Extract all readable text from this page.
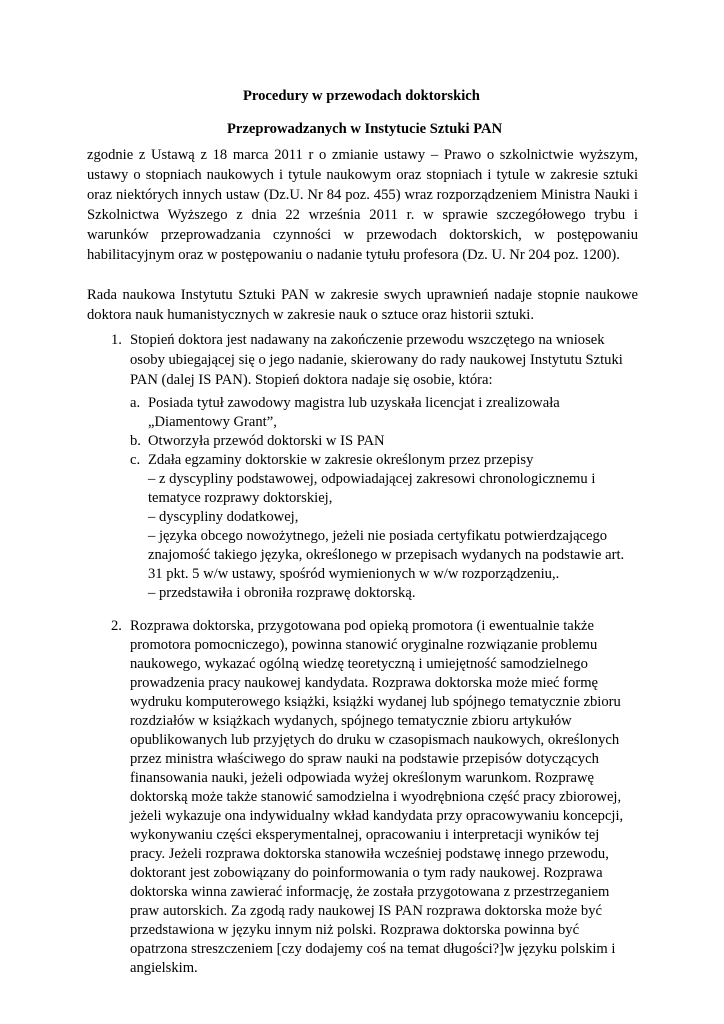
Procedury w przewodach doktorskich
Przeprowadzanych w Instytucie Sztuki PAN
zgodnie z Ustawą z 18 marca 2011 r o zmianie ustawy – Prawo o szkolnictwie wyższym,
ustawy o stopniach naukowych i tytule naukowym oraz stopniach i tytule w zakresie sztuki
oraz niektórych innych ustaw (Dz.U. Nr 84 poz. 455) wraz rozporządzeniem Ministra Nauki i
Szkolnictwa Wyższego z dnia 22 września 2011 r. w sprawie szczegółowego trybu i
warunków przeprowadzania czynności w przewodach doktorskich, w postępowaniu
habilitacyjnym oraz w postępowaniu o nadanie tytułu profesora (Dz. U. Nr 204 poz. 1200).
Rada naukowa Instytutu Sztuki PAN w zakresie swych uprawnień nadaje stopnie naukowe
doktora nauk humanistycznych w zakresie nauk o sztuce oraz historii sztuki.
1. Stopień doktora jest nadawany na zakończenie przewodu wszczętego na wniosek
osoby ubiegającej się o jego nadanie, skierowany do rady naukowej Instytutu Sztuki
PAN (dalej IS PAN). Stopień doktora nadaje się osobie, która:
a. Posiada tytuł zawodowy magistra lub uzyskała licencjat i zrealizowała
„Diamentowy Grant”,
b. Otworzyła przewód doktorski w IS PAN
c. Zdała egzaminy doktorskie w zakresie określonym przez przepisy
– z dyscypliny podstawowej, odpowiadającej zakresowi chronologicznemu i
tematyce rozprawy doktorskiej,
– dyscypliny dodatkowej,
– języka obcego nowożytnego, jeżeli nie posiada certyfikatu potwierdzającego
znajomość takiego języka, określonego w przepisach wydanych na podstawie art.
31 pkt. 5 w/w ustawy, spośród wymienionych w w/w rozporządzeniu,.
– przedstawiła i obroniła rozprawę doktorską.
2. Rozprawa doktorska, przygotowana pod opieką promotora (i ewentualnie także
promotora pomocniczego), powinna stanowić oryginalne rozwiązanie problemu
naukowego, wykazać ogólną wiedzę teoretyczną i umiejętność samodzielnego
prowadzenia pracy naukowej kandydata. Rozprawa doktorska może mieć formę
wydruku komputerowego książki, książki wydanej lub spójnego tematycznie zbioru
rozdziałów w książkach wydanych, spójnego tematycznie zbioru artykułów
opublikowanych lub przyjętych do druku w czasopismach naukowych, określonych
przez ministra właściwego do spraw nauki na podstawie przepisów dotyczących
finansowania nauki, jeżeli odpowiada wyżej określonym warunkom. Rozprawę
doktorską może także stanowić samodzielna i wyodrębniona część pracy zbiorowej,
jeżeli wykazuje ona indywidualny wkład kandydata przy opracowywaniu koncepcji,
wykonywaniu części eksperymentalnej, opracowaniu i interpretacji wyników tej
pracy. Jeżeli rozprawa doktorska stanowiła wcześniej podstawę innego przewodu,
doktorant jest zobowiązany do poinformowania o tym rady naukowej. Rozprawa
doktorska winna zawierać informację, że została przygotowana z przestrzeganiem
praw autorskich. Za zgodą rady naukowej IS PAN rozprawa doktorska może być
przedstawiona w języku innym niż polski. Rozprawa doktorska powinna być
opatrzona streszczeniem [czy dodajemy coś na temat długości?]w języku polskim i
angielskim.
